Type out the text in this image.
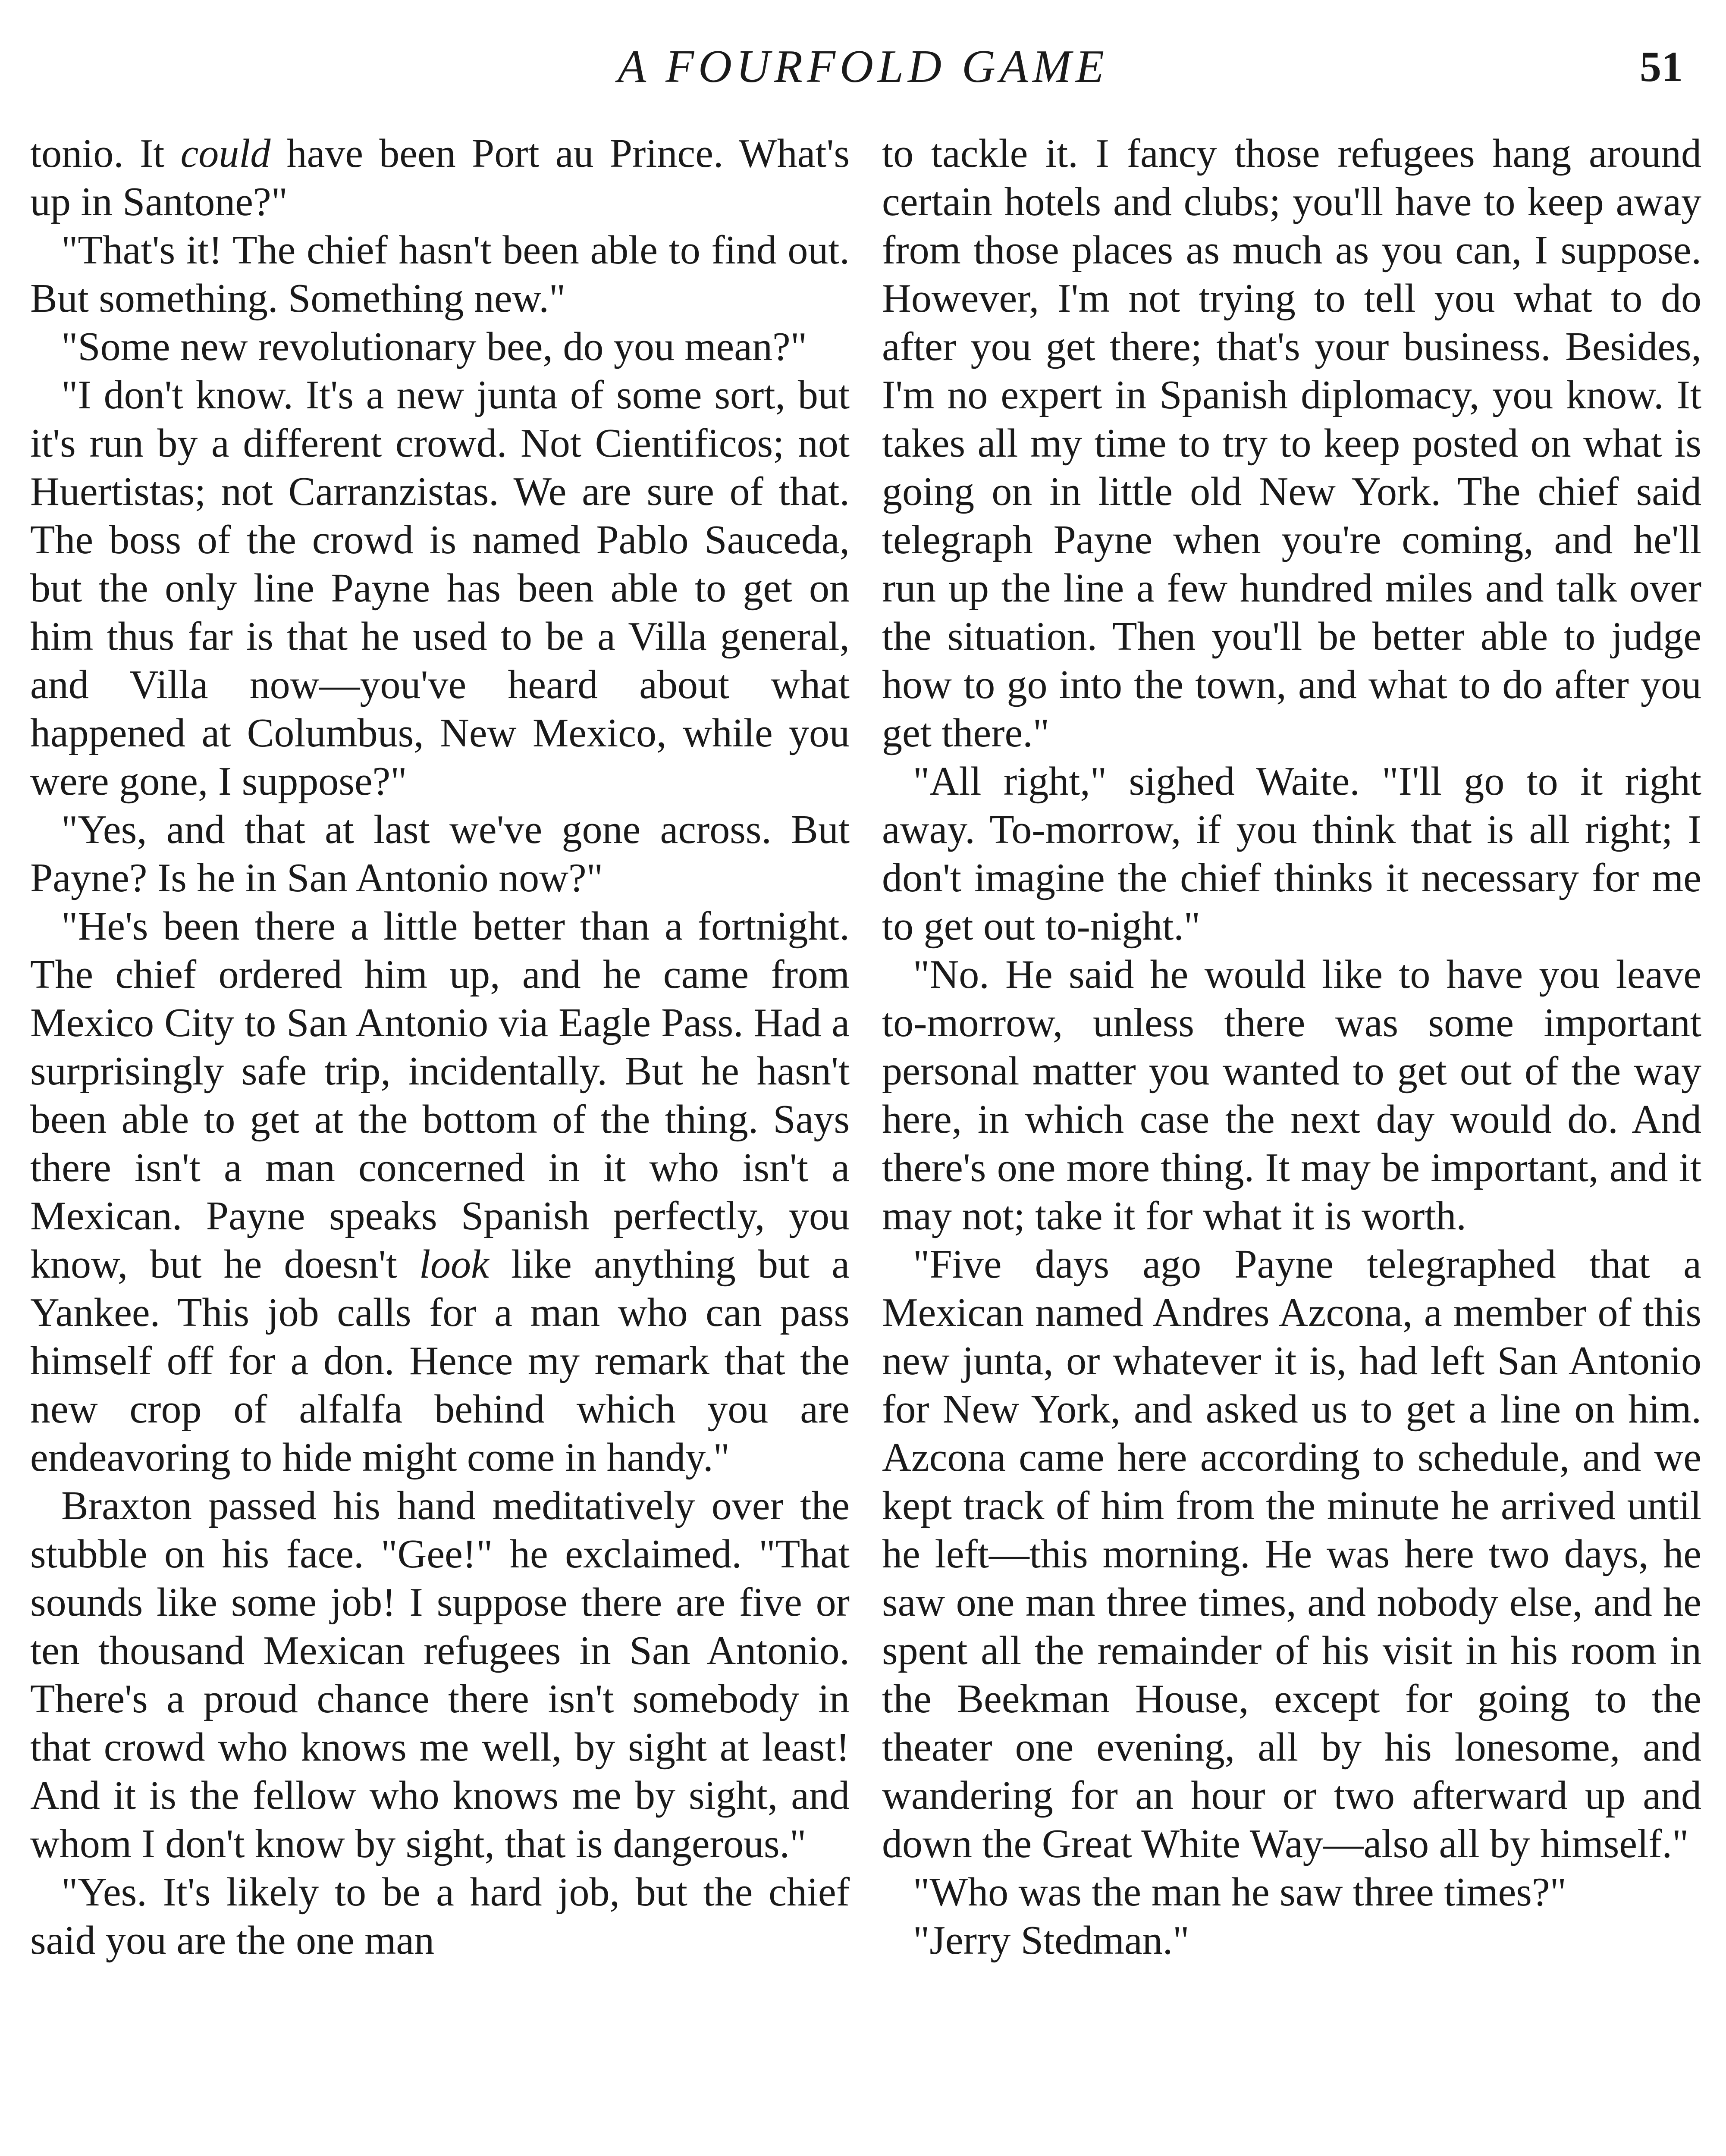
A FOURFOLD GAME	51

tonio. It could have been Port au Prince. What's up in Santone?"

"That's it! The chief hasn't been able to find out. But something. Something new."

"Some new revolutionary bee, do you mean?"

"I don't know. It's a new junta of some sort, but it's run by a different crowd. Not Cientificos; not Huertistas; not Carranzistas. We are sure of that. The boss of the crowd is named Pablo Sauceda, but the only line Payne has been able to get on him thus far is that he used to be a Villa general, and Villa now—you've heard about what happened at Columbus, New Mexico, while you were gone, I suppose?"

"Yes, and that at last we've gone across. But Payne? Is he in San Antonio now?"

"He's been there a little better than a fortnight. The chief ordered him up, and he came from Mexico City to San Antonio via Eagle Pass. Had a surprisingly safe trip, incidentally. But he hasn't been able to get at the bottom of the thing. Says there isn't a man concerned in it who isn't a Mexican. Payne speaks Spanish perfectly, you know, but he doesn't look like anything but a Yankee. This job calls for a man who can pass himself off for a don. Hence my remark that the new crop of alfalfa behind which you are endeavoring to hide might come in handy."

Braxton passed his hand meditatively over the stubble on his face. "Gee!" he exclaimed. "That sounds like some job! I suppose there are five or ten thousand Mexican refugees in San Antonio. There's a proud chance there isn't somebody in that crowd who knows me well, by sight at least! And it is the fellow who knows me by sight, and whom I don't know by sight, that is dangerous."

"Yes. It's likely to be a hard job, but the chief said you are the one man

to tackle it. I fancy those refugees hang around certain hotels and clubs; you'll have to keep away from those places as much as you can, I suppose. However, I'm not trying to tell you what to do after you get there; that's your business. Besides, I'm no expert in Spanish diplomacy, you know. It takes all my time to try to keep posted on what is going on in little old New York. The chief said telegraph Payne when you're coming, and he'll run up the line a few hundred miles and talk over the situation. Then you'll be better able to judge how to go into the town, and what to do after you get there."

"All right," sighed Waite. "I'll go to it right away. To-morrow, if you think that is all right; I don't imagine the chief thinks it necessary for me to get out to-night."

"No. He said he would like to have you leave to-morrow, unless there was some important personal matter you wanted to get out of the way here, in which case the next day would do. And there's one more thing. It may be important, and it may not; take it for what it is worth.

"Five days ago Payne telegraphed that a Mexican named Andres Azcona, a member of this new junta, or whatever it is, had left San Antonio for New York, and asked us to get a line on him. Azcona came here according to schedule, and we kept track of him from the minute he arrived until he left—this morning. He was here two days, he saw one man three times, and nobody else, and he spent all the remainder of his visit in his room in the Beekman House, except for going to the theater one evening, all by his lonesome, and wandering for an hour or two afterward up and down the Great White Way—also all by himself."

"Who was the man he saw three times?"

"Jerry Stedman."
